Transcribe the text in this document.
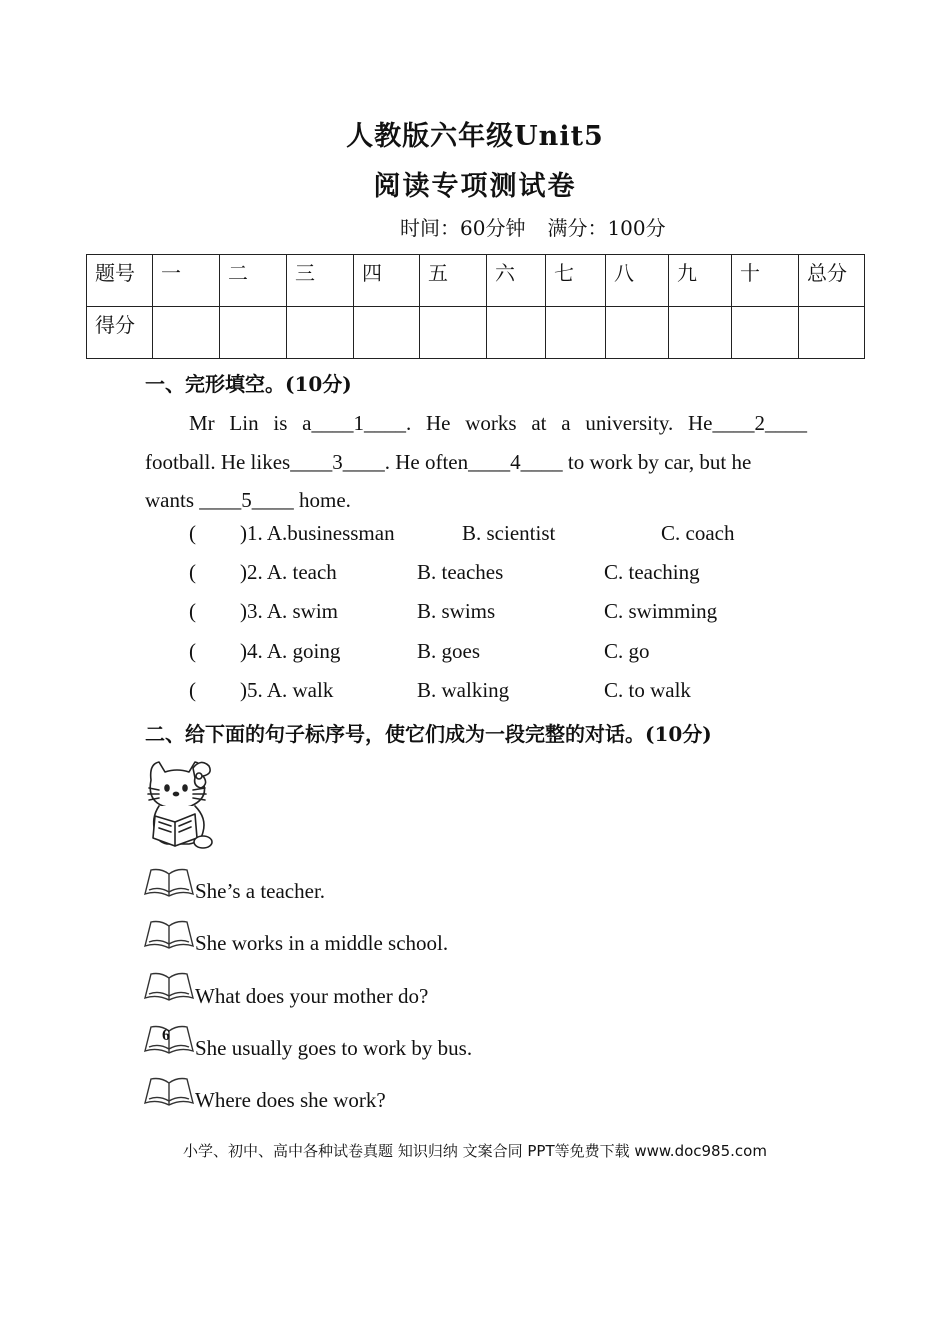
人教版六年级Unit5
阅读专项测试卷
时间：60分钟 满分：100分
题号	一	二	三	四	五	六	七	八	九	十	总分
得分											
一、完形填空。(10分)
Mr Lin is a____1____. He works at a university. He____2____
football. He likes____3____. He often____4____ to work by car, but he
wants ____5____ home.
( )1. A.businessman	B. scientist	C. coach
( )2. A. teach	B. teaches	C. teaching
( )3. A. swim	B. swims	C. swimming
( )4. A. going	B. goes	C. go
( )5. A. walk	B. walking	C. to walk
二、给下面的句子标序号，使它们成为一段完整的对话。(10分)
She’s a teacher.
She works in a middle school.
What does your mother do?
6
She usually goes to work by bus.
Where does she work?
小学、初中、高中各种试卷真题 知识归纳 文案合同 PPT等免费下载 www.doc985.com
